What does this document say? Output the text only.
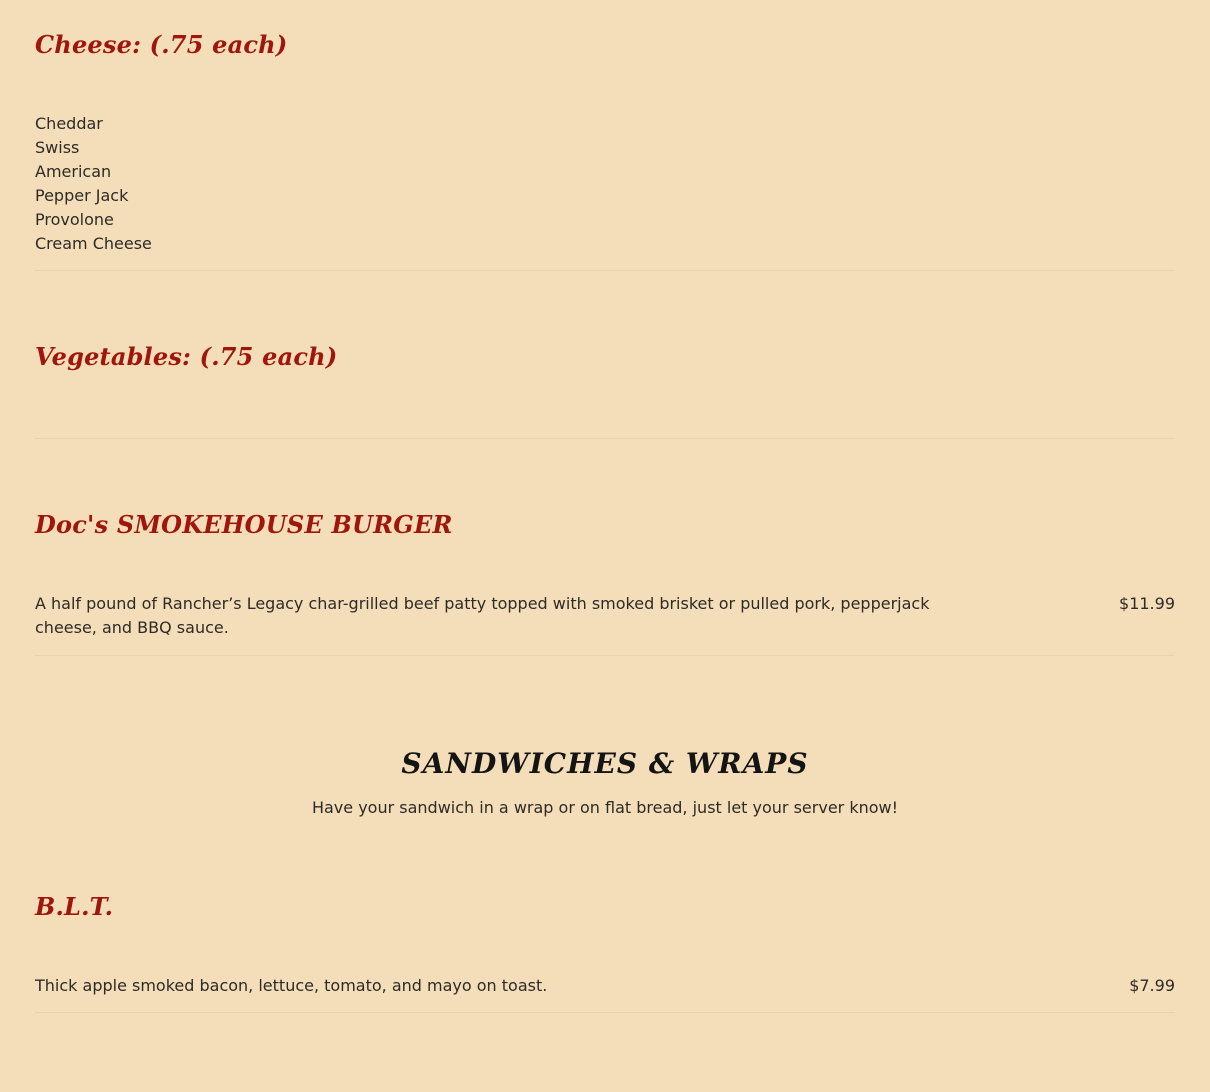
Cheese: (.75 each)
Cheddar
Swiss
American
Pepper Jack
Provolone
Cream Cheese
Vegetables: (.75 each)
Doc's SMOKEHOUSE BURGER

A half pound of Rancher’s Legacy char-grilled beef patty topped with smoked brisket or pulled pork, pepperjack cheese, and BBQ sauce.

$11.99
SANDWICHES & WRAPS

Have your sandwich in a wrap or on flat bread, just let your server know!

B.L.T.

Thick apple smoked bacon, lettuce, tomato, and mayo on toast.	$7.99
